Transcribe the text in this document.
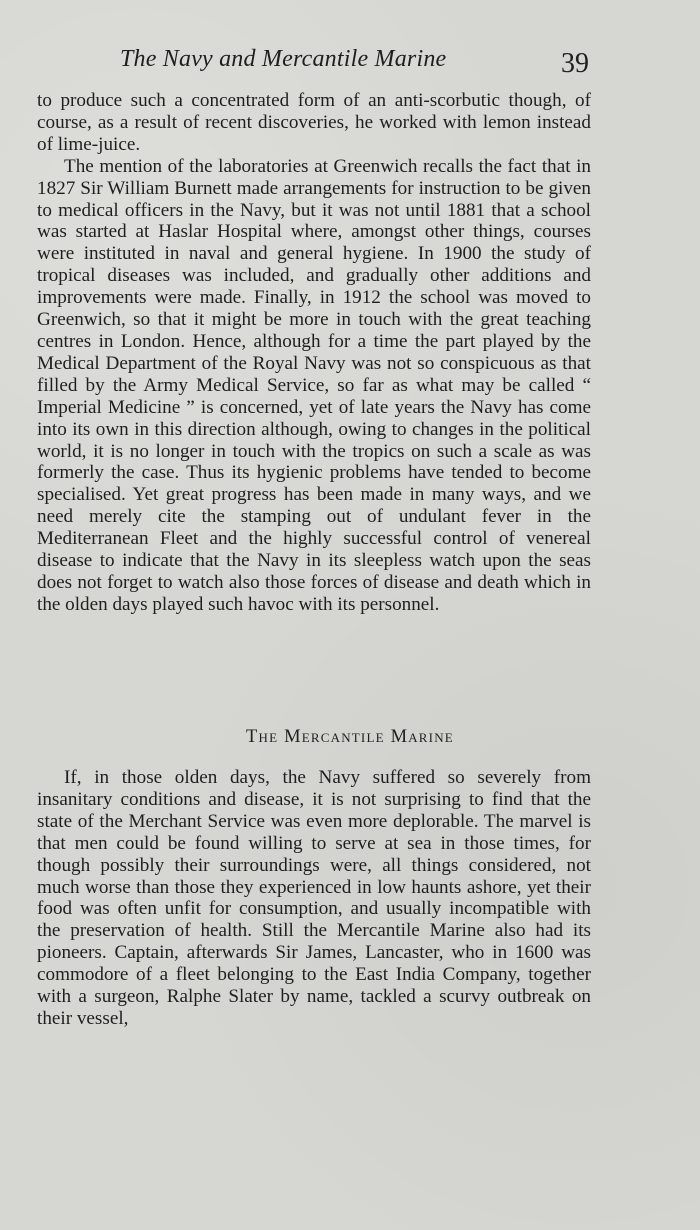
The Navy and Mercantile Marine	39

to produce such a concentrated form of an anti-scorbutic though, of course, as a result of recent discoveries, he worked with lemon instead of lime-juice.

The mention of the laboratories at Greenwich recalls the fact that in 1827 Sir William Burnett made arrangements for instruction to be given to medical officers in the Navy, but it was not until 1881 that a school was started at Haslar Hospital where, amongst other things, courses were instituted in naval and general hygiene. In 1900 the study of tropical diseases was included, and gradually other additions and improvements were made. Finally, in 1912 the school was moved to Greenwich, so that it might be more in touch with the great teaching centres in London. Hence, although for a time the part played by the Medical Department of the Royal Navy was not so conspicuous as that filled by the Army Medical Service, so far as what may be called “ Imperial Medicine ” is concerned, yet of late years the Navy has come into its own in this direction although, owing to changes in the political world, it is no longer in touch with the tropics on such a scale as was formerly the case. Thus its hygienic problems have tended to become specialised. Yet great progress has been made in many ways, and we need merely cite the stamping out of undulant fever in the Mediterranean Fleet and the highly successful control of venereal disease to indicate that the Navy in its sleepless watch upon the seas does not forget to watch also those forces of disease and death which in the olden days played such havoc with its personnel.

The Mercantile Marine

If, in those olden days, the Navy suffered so severely from insanitary conditions and disease, it is not surprising to find that the state of the Merchant Service was even more deplorable. The marvel is that men could be found willing to serve at sea in those times, for though possibly their surroundings were, all things considered, not much worse than those they experienced in low haunts ashore, yet their food was often unfit for consumption, and usually incompatible with the preservation of health. Still the Mercantile Marine also had its pioneers. Captain, afterwards Sir James, Lancaster, who in 1600 was commodore of a fleet belonging to the East India Company, together with a surgeon, Ralphe Slater by name, tackled a scurvy outbreak on their vessel,
